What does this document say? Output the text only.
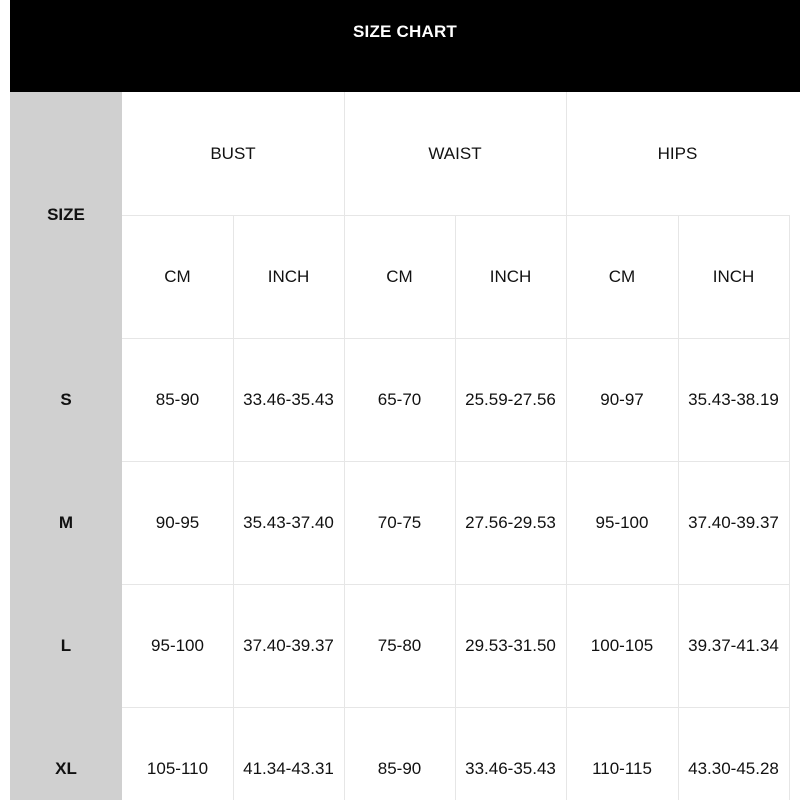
SIZE CHART
SIZE
BUST	WAIST	HIPS
CM	INCH	CM	INCH	CM	INCH
S	85-90	33.46-35.43	65-70	25.59-27.56	90-97	35.43-38.19
M	90-95	35.43-37.40	70-75	27.56-29.53	95-100	37.40-39.37
L	95-100	37.40-39.37	75-80	29.53-31.50	100-105	39.37-41.34
XL	105-110	41.34-43.31	85-90	33.46-35.43	110-115	43.30-45.28
